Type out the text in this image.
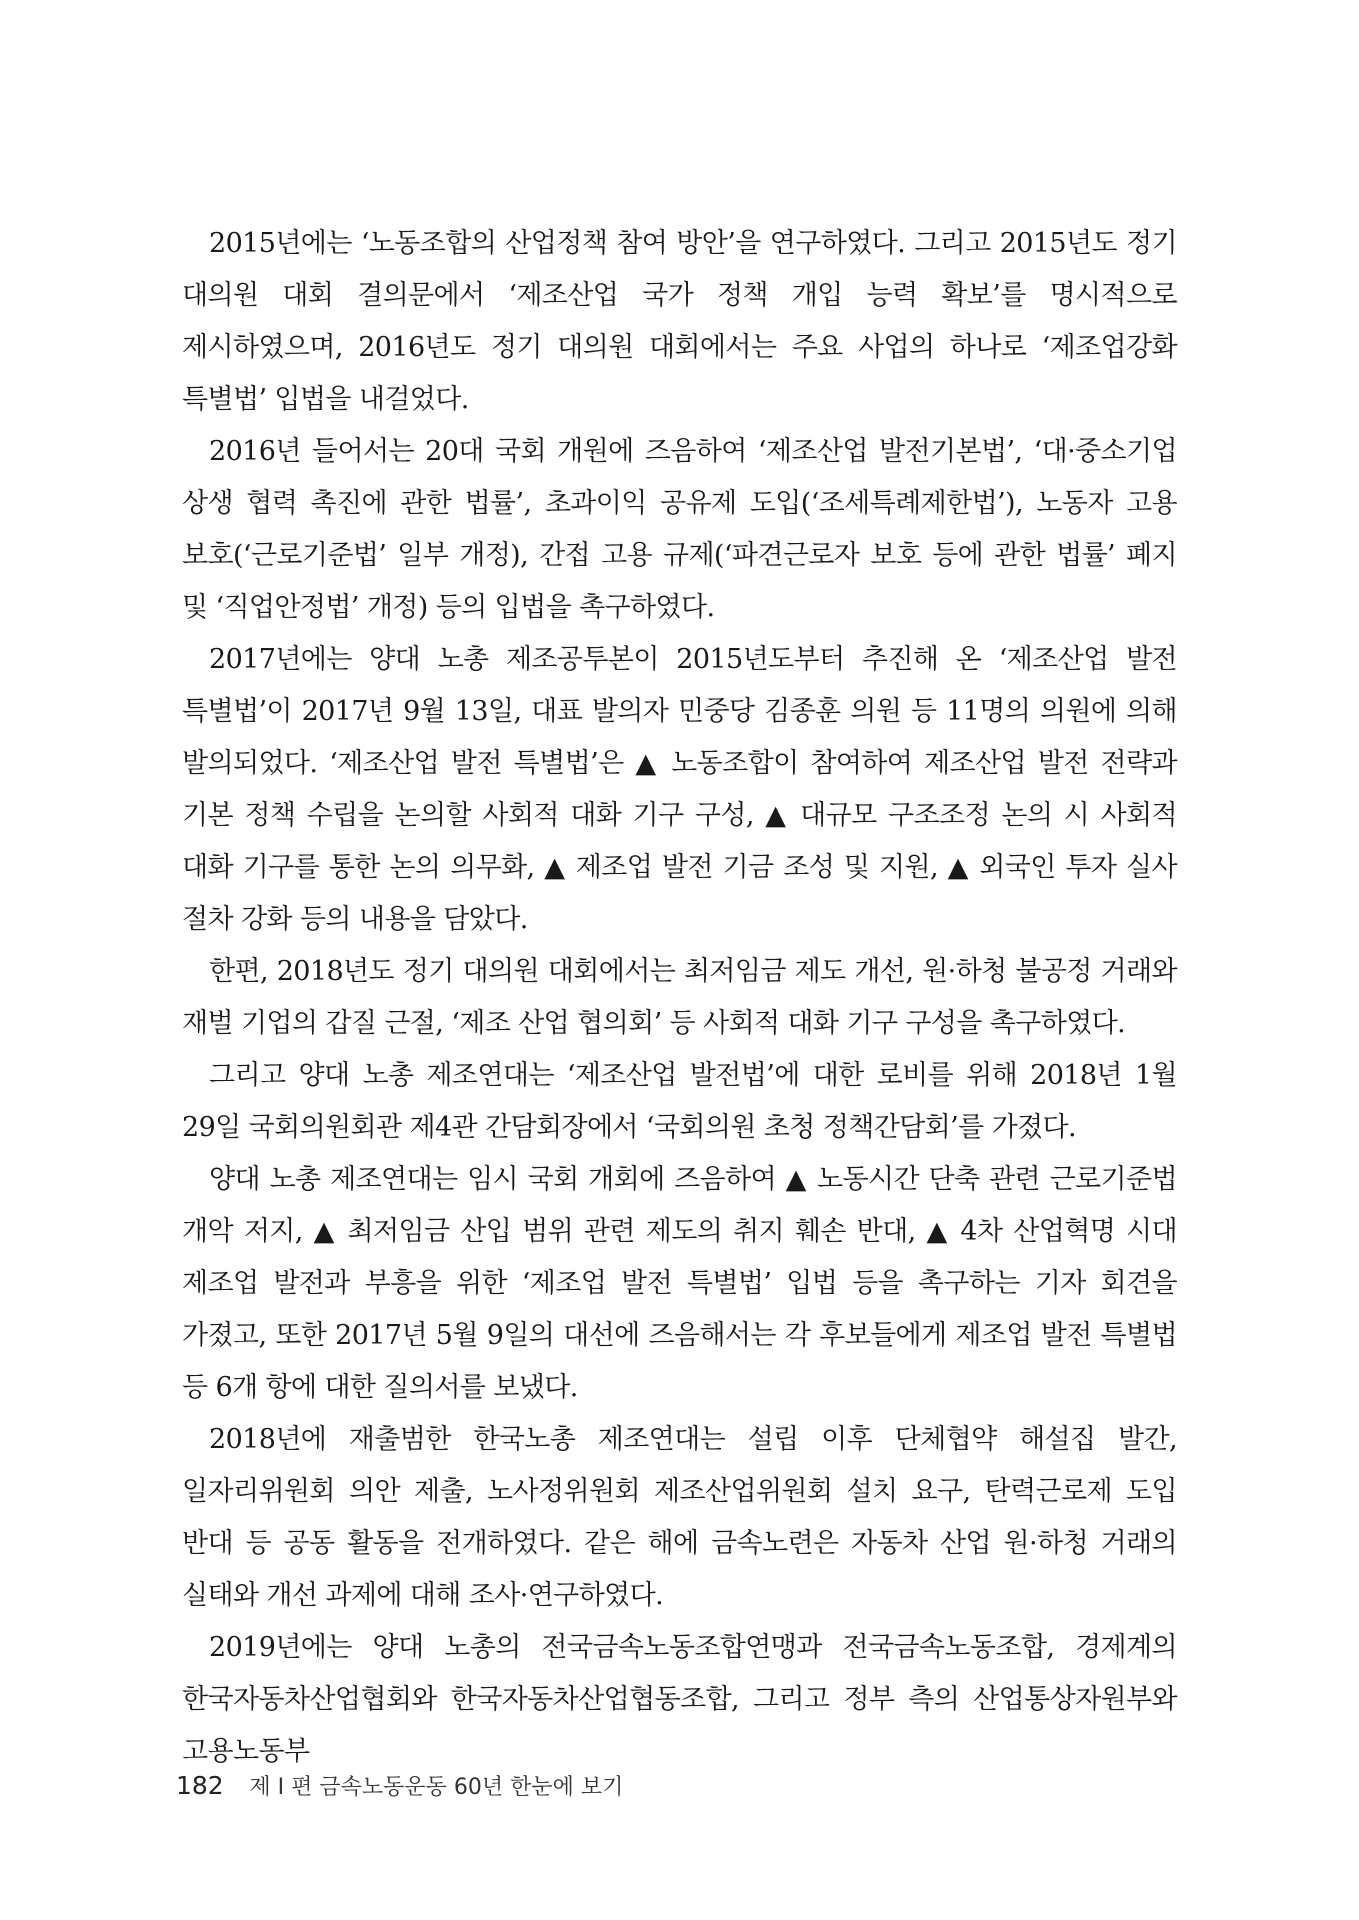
2015년에는 ‘노동조합의 산업정책 참여 방안’을 연구하였다. 그리고 2015년도 정기 대의원 대회 결의문에서 ‘제조산업 국가 정책 개입 능력 확보’를 명시적으로 제시하였으며, 2016년도 정기 대의원 대회에서는 주요 사업의 하나로 ‘제조업강화 특별법’ 입법을 내걸었다.

2016년 들어서는 20대 국회 개원에 즈음하여 ‘제조산업 발전기본법’, ‘대·중소기업 상생 협력 촉진에 관한 법률’, 초과이익 공유제 도입(‘조세특례제한법’), 노동자 고용 보호(‘근로기준법’ 일부 개정), 간접 고용 규제(‘파견근로자 보호 등에 관한 법률’ 폐지 및 ‘직업안정법’ 개정) 등의 입법을 촉구하였다.

2017년에는 양대 노총 제조공투본이 2015년도부터 추진해 온 ‘제조산업 발전 특별법’이 2017년 9월 13일, 대표 발의자 민중당 김종훈 의원 등 11명의 의원에 의해 발의되었다. ‘제조산업 발전 특별법’은 ▲ 노동조합이 참여하여 제조산업 발전 전략과 기본 정책 수립을 논의할 사회적 대화 기구 구성, ▲ 대규모 구조조정 논의 시 사회적 대화 기구를 통한 논의 의무화, ▲ 제조업 발전 기금 조성 및 지원, ▲ 외국인 투자 실사 절차 강화 등의 내용을 담았다.

한편, 2018년도 정기 대의원 대회에서는 최저임금 제도 개선, 원·하청 불공정 거래와 재벌 기업의 갑질 근절, ‘제조 산업 협의회’ 등 사회적 대화 기구 구성을 촉구하였다.

그리고 양대 노총 제조연대는 ‘제조산업 발전법’에 대한 로비를 위해 2018년 1월 29일 국회의원회관 제4관 간담회장에서 ‘국회의원 초청 정책간담회’를 가졌다.

양대 노총 제조연대는 임시 국회 개회에 즈음하여 ▲ 노동시간 단축 관련 근로기준법 개악 저지, ▲ 최저임금 산입 범위 관련 제도의 취지 훼손 반대, ▲ 4차 산업혁명 시대 제조업 발전과 부흥을 위한 ‘제조업 발전 특별법’ 입법 등을 촉구하는 기자 회견을 가졌고, 또한 2017년 5월 9일의 대선에 즈음해서는 각 후보들에게 제조업 발전 특별법 등 6개 항에 대한 질의서를 보냈다.

2018년에 재출범한 한국노총 제조연대는 설립 이후 단체협약 해설집 발간, 일자리위원회 의안 제출, 노사정위원회 제조산업위원회 설치 요구, 탄력근로제 도입 반대 등 공동 활동을 전개하였다. 같은 해에 금속노련은 자동차 산업 원·하청 거래의 실태와 개선 과제에 대해 조사·연구하였다.

2019년에는 양대 노총의 전국금속노동조합연맹과 전국금속노동조합, 경제계의 한국자동차산업협회와 한국자동차산업협동조합, 그리고 정부 측의 산업통상자원부와 고용노동부

182 제 I 편 금속노동운동 60년 한눈에 보기
